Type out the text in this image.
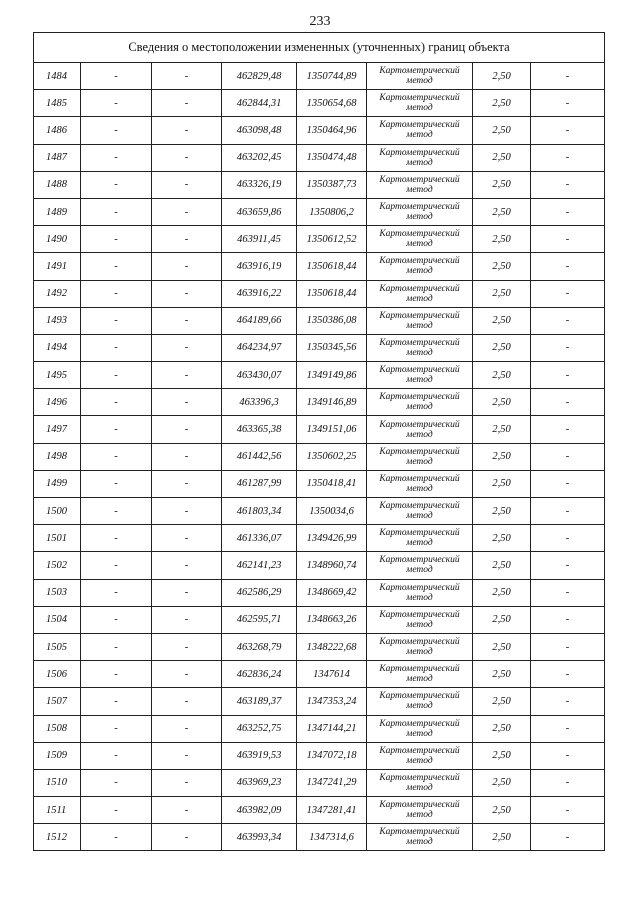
233
Сведения о местоположении измененных (уточненных) границ объекта							
1484	-	-	462829,48	1350744,89	Картометрический метод	2,50	-
1485	-	-	462844,31	1350654,68	Картометрический метод	2,50	-
1486	-	-	463098,48	1350464,96	Картометрический метод	2,50	-
1487	-	-	463202,45	1350474,48	Картометрический метод	2,50	-
1488	-	-	463326,19	1350387,73	Картометрический метод	2,50	-
1489	-	-	463659,86	1350806,2	Картометрический метод	2,50	-
1490	-	-	463911,45	1350612,52	Картометрический метод	2,50	-
1491	-	-	463916,19	1350618,44	Картометрический метод	2,50	-
1492	-	-	463916,22	1350618,44	Картометрический метод	2,50	-
1493	-	-	464189,66	1350386,08	Картометрический метод	2,50	-
1494	-	-	464234,97	1350345,56	Картометрический метод	2,50	-
1495	-	-	463430,07	1349149,86	Картометрический метод	2,50	-
1496	-	-	463396,3	1349146,89	Картометрический метод	2,50	-
1497	-	-	463365,38	1349151,06	Картометрический метод	2,50	-
1498	-	-	461442,56	1350602,25	Картометрический метод	2,50	-
1499	-	-	461287,99	1350418,41	Картометрический метод	2,50	-
1500	-	-	461803,34	1350034,6	Картометрический метод	2,50	-
1501	-	-	461336,07	1349426,99	Картометрический метод	2,50	-
1502	-	-	462141,23	1348960,74	Картометрический метод	2,50	-
1503	-	-	462586,29	1348669,42	Картометрический метод	2,50	-
1504	-	-	462595,71	1348663,26	Картометрический метод	2,50	-
1505	-	-	463268,79	1348222,68	Картометрический метод	2,50	-
1506	-	-	462836,24	1347614	Картометрический метод	2,50	-
1507	-	-	463189,37	1347353,24	Картометрический метод	2,50	-
1508	-	-	463252,75	1347144,21	Картометрический метод	2,50	-
1509	-	-	463919,53	1347072,18	Картометрический метод	2,50	-
1510	-	-	463969,23	1347241,29	Картометрический метод	2,50	-
1511	-	-	463982,09	1347281,41	Картометрический метод	2,50	-
1512	-	-	463993,34	1347314,6	Картометрический метод	2,50	-
